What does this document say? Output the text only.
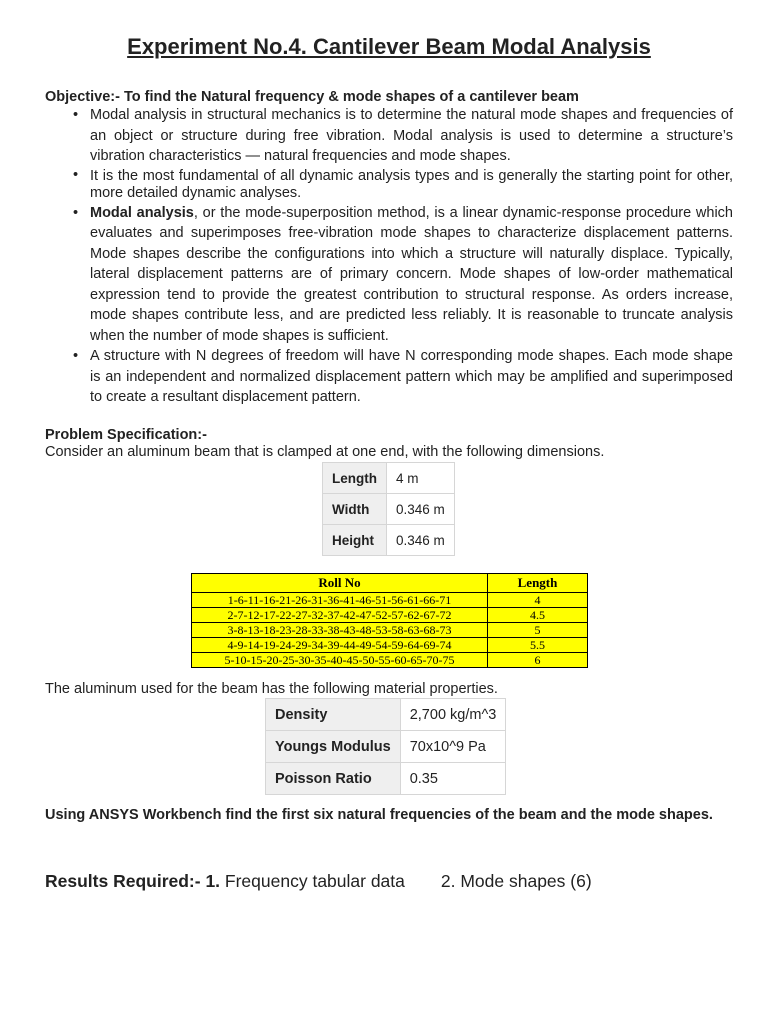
Experiment No.4. Cantilever Beam Modal Analysis
Objective:- To find the Natural frequency & mode shapes of a cantilever beam
• Modal analysis in structural mechanics is to determine the natural mode shapes and frequencies of an object or structure during free vibration. Modal analysis is used to determine a structure’s vibration characteristics — natural frequencies and mode shapes.
• It is the most fundamental of all dynamic analysis types and is generally the starting point for other, more detailed dynamic analyses.
• Modal analysis, or the mode-superposition method, is a linear dynamic-response procedure which evaluates and superimposes free-vibration mode shapes to characterize displacement patterns. Mode shapes describe the configurations into which a structure will naturally displace. Typically, lateral displacement patterns are of primary concern. Mode shapes of low-order mathematical expression tend to provide the greatest contribution to structural response. As orders increase, mode shapes contribute less, and are predicted less reliably. It is reasonable to truncate analysis when the number of mode shapes is sufficient.
• A structure with N degrees of freedom will have N corresponding mode shapes. Each mode shape is an independent and normalized displacement pattern which may be amplified and superimposed to create a resultant displacement pattern.
Problem Specification:-
Consider an aluminum beam that is clamped at one end, with the following dimensions.
Length	4 m
Width	0.346 m
Height	0.346 m
Roll No	Length
1-6-11-16-21-26-31-36-41-46-51-56-61-66-71	4
2-7-12-17-22-27-32-37-42-47-52-57-62-67-72	4.5
3-8-13-18-23-28-33-38-43-48-53-58-63-68-73	5
4-9-14-19-24-29-34-39-44-49-54-59-64-69-74	5.5
5-10-15-20-25-30-35-40-45-50-55-60-65-70-75	6
The aluminum used for the beam has the following material properties.
Density	2,700 kg/m^3
Youngs Modulus	70x10^9 Pa
Poisson Ratio	0.35
Using ANSYS Workbench find the first six natural frequencies of the beam and the mode shapes.
Results Required:- 1. Frequency tabular data 2. Mode shapes (6)
